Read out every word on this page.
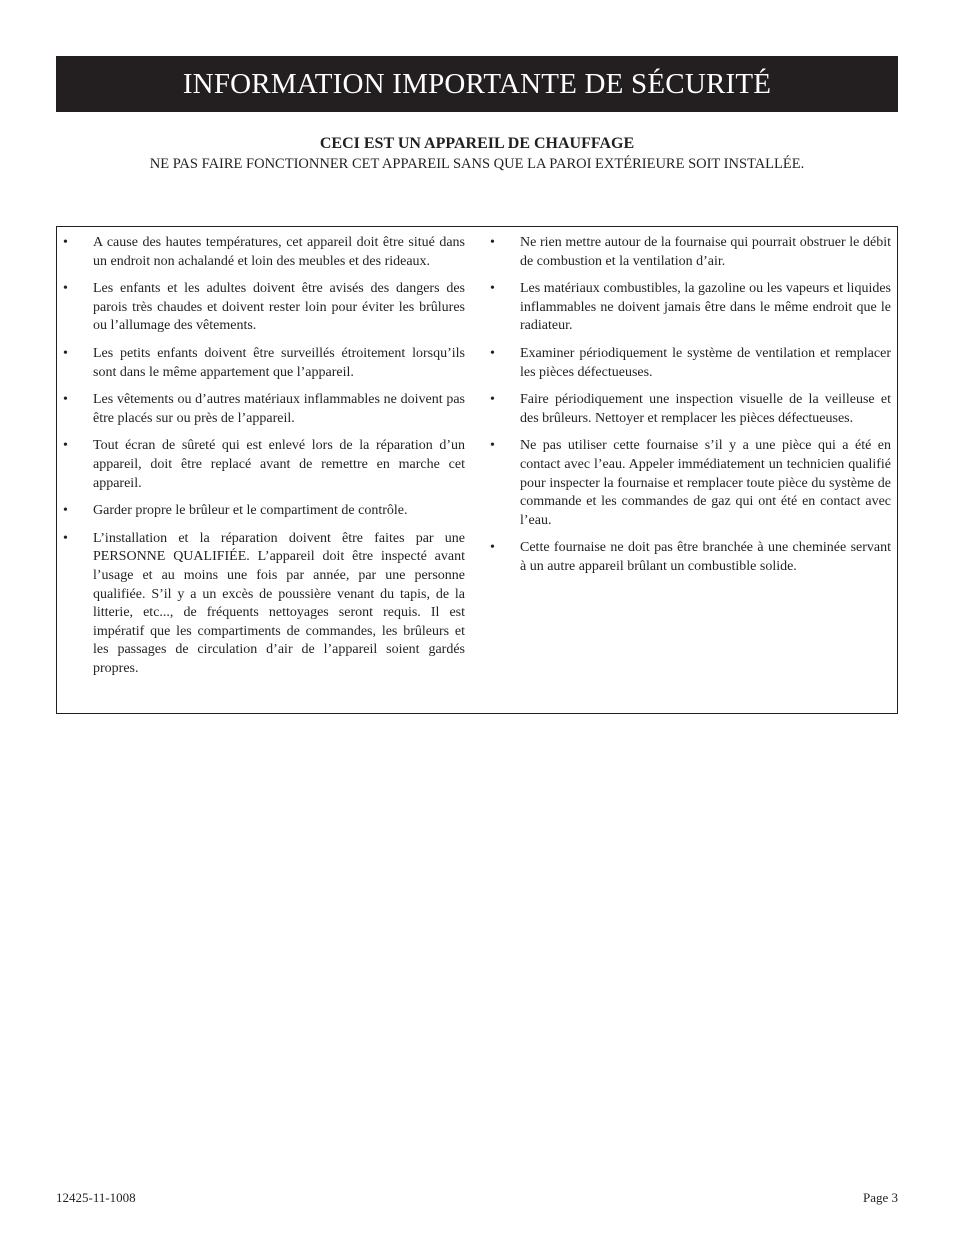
INFORMATION IMPORTANTE DE SÉCURITÉ
CECI EST UN APPAREIL DE CHAUFFAGE
NE PAS FAIRE FONCTIONNER CET APPAREIL SANS QUE LA PAROI EXTÉRIEURE SOIT INSTALLÉE.
•	A cause des hautes températures, cet appareil doit être situé dans un endroit non achalandé et loin des meubles et des rideaux.
•	Les enfants et les adultes doivent être avisés des dangers des parois très chaudes et doivent rester loin pour éviter les brûlures ou l’allumage des vêtements.
•	Les petits enfants doivent être surveillés étroitement lorsqu’ils sont dans le même appartement que l’appareil.
•	Les vêtements ou d’autres matériaux inflammables ne doivent pas être placés sur ou près de l’appareil.
•	Tout écran de sûreté qui est enlevé lors de la réparation d’un appareil, doit être replacé avant de remettre en marche cet appareil.
•	Garder propre le brûleur et le compartiment de contrôle.
•	L’installation et la réparation doivent être faites par une PERSONNE QUALIFIÉE. L’appareil doit être inspecté avant l’usage et au moins une fois par année, par une personne qualifiée. S’il y a un excès de poussière venant du tapis, de la litterie, etc..., de fréquents nettoyages seront requis. Il est impératif que les compartiments de commandes, les brûleurs et les passages de circulation d’air de l’appareil soient gardés propres.
•	Ne rien mettre autour de la fournaise qui pourrait obstruer le débit de combustion et la ventilation d’air.
•	Les matériaux combustibles, la gazoline ou les vapeurs et liquides inflammables ne doivent jamais être dans le même endroit que le radiateur.
•	Examiner périodiquement le système de ventilation et remplacer les pièces défectueuses.
•	Faire périodiquement une inspection visuelle de la veilleuse et des brûleurs. Nettoyer et remplacer les pièces défectueuses.
•	Ne pas utiliser cette fournaise s’il y a une pièce qui a été en contact avec l’eau. Appeler immédiatement un technicien qualifié pour inspecter la fournaise et remplacer toute pièce du système de commande et les commandes de gaz qui ont été en contact avec l’eau.
•	Cette fournaise ne doit pas être branchée à une cheminée servant à un autre appareil brûlant un combustible solide.
12425-11-1008	Page 3
